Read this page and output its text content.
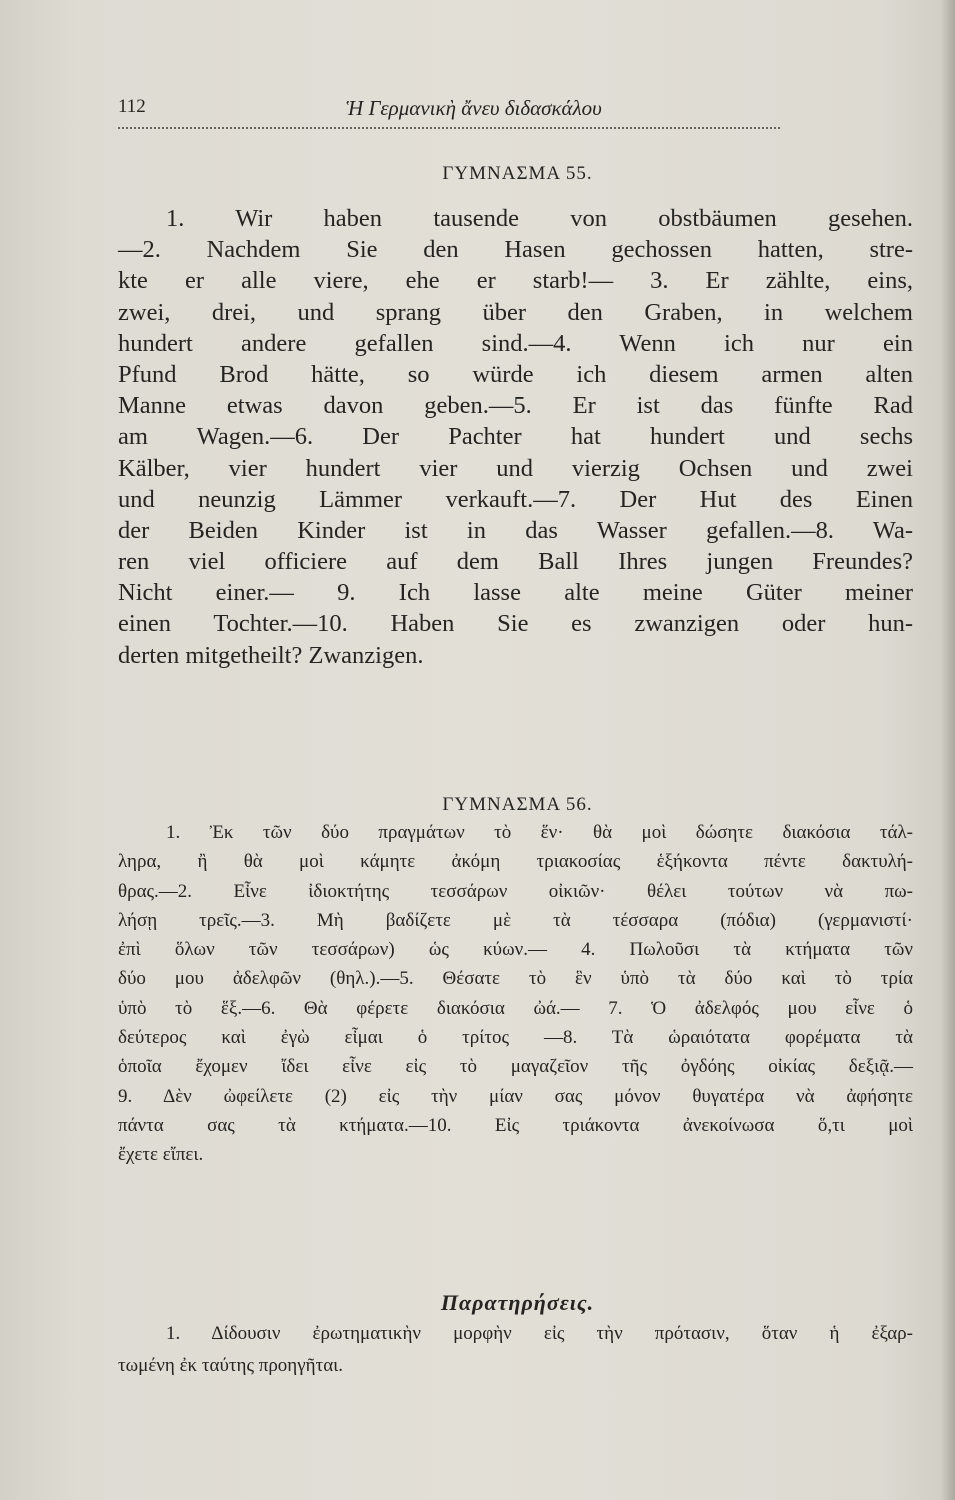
112	Ἡ Γερμανικὴ ἄνευ διδασκάλου
ΓΥΜΝΑΣΜΑ 55.
1. Wir haben tausende von obstbäumen gesehen.
—2. Nachdem Sie den Hasen gechossen hatten, stre-
kte er alle viere, ehe er starb!— 3. Er zählte, eins,
zwei, drei, und sprang über den Graben, in welchem
hundert andere gefallen sind.—4. Wenn ich nur ein
Pfund Brod hätte, so würde ich diesem armen alten
Manne etwas davon geben.—5. Er ist das fünfte Rad
am Wagen.—6. Der Pachter hat hundert und sechs
Kälber, vier hundert vier und vierzig Ochsen und zwei
und neunzig Lämmer verkauft.—7. Der Hut des Einen
der Beiden Kinder ist in das Wasser gefallen.—8. Wa-
ren viel officiere auf dem Ball Ihres jungen Freundes?
Nicht einer.— 9. Ich lasse alte meine Güter meiner
einen Tochter.—10. Haben Sie es zwanzigen oder hun-
derten mitgetheilt? Zwanzigen.
ΓΥΜΝΑΣΜΑ 56.
1. Ἐκ τῶν δύο πραγμάτων τὸ ἕν· θὰ μοὶ δώσητε διακόσια τάλ-
ληρα, ἢ θὰ μοὶ κάμητε ἀκόμη τριακοσίας ἑξήκοντα πέντε δακτυλή-
θρας.—2. Εἶνε ἰδιοκτήτης τεσσάρων οἰκιῶν· θέλει τούτων νὰ πω-
λήσῃ τρεῖς.—3. Μὴ βαδίζετε μὲ τὰ τέσσαρα (πόδια) (γερμανιστί·
ἐπὶ ὅλων τῶν τεσσάρων) ὡς κύων.— 4. Πωλοῦσι τὰ κτήματα τῶν
δύο μου ἀδελφῶν (θηλ.).—5. Θέσατε τὸ ἓν ὑπὸ τὰ δύο καὶ τὸ τρία
ὑπὸ τὸ ἕξ.—6. Θὰ φέρετε διακόσια ὠά.— 7. Ὁ ἀδελφός μου εἶνε ὁ
δεύτερος καὶ ἐγὼ εἶμαι ὁ τρίτος —8. Τὰ ὡραιότατα φορέματα τὰ
ὁποῖα ἔχομεν ἴδει εἶνε εἰς τὸ μαγαζεῖον τῆς ὀγδόης οἰκίας δεξιᾷ.—
9. Δὲν ὠφείλετε (2) εἰς τὴν μίαν σας μόνον θυγατέρα νὰ ἀφήσητε
πάντα σας τὰ κτήματα.—10. Εἰς τριάκοντα ἀνεκοίνωσα ὅ,τι μοὶ
ἔχετε εἴπει.
Παρατηρήσεις.
1. Δίδουσιν ἐρωτηματικὴν μορφὴν εἰς τὴν πρότασιν, ὅταν ἡ ἐξαρ-
τωμένη ἐκ ταύτης προηγῆται.
